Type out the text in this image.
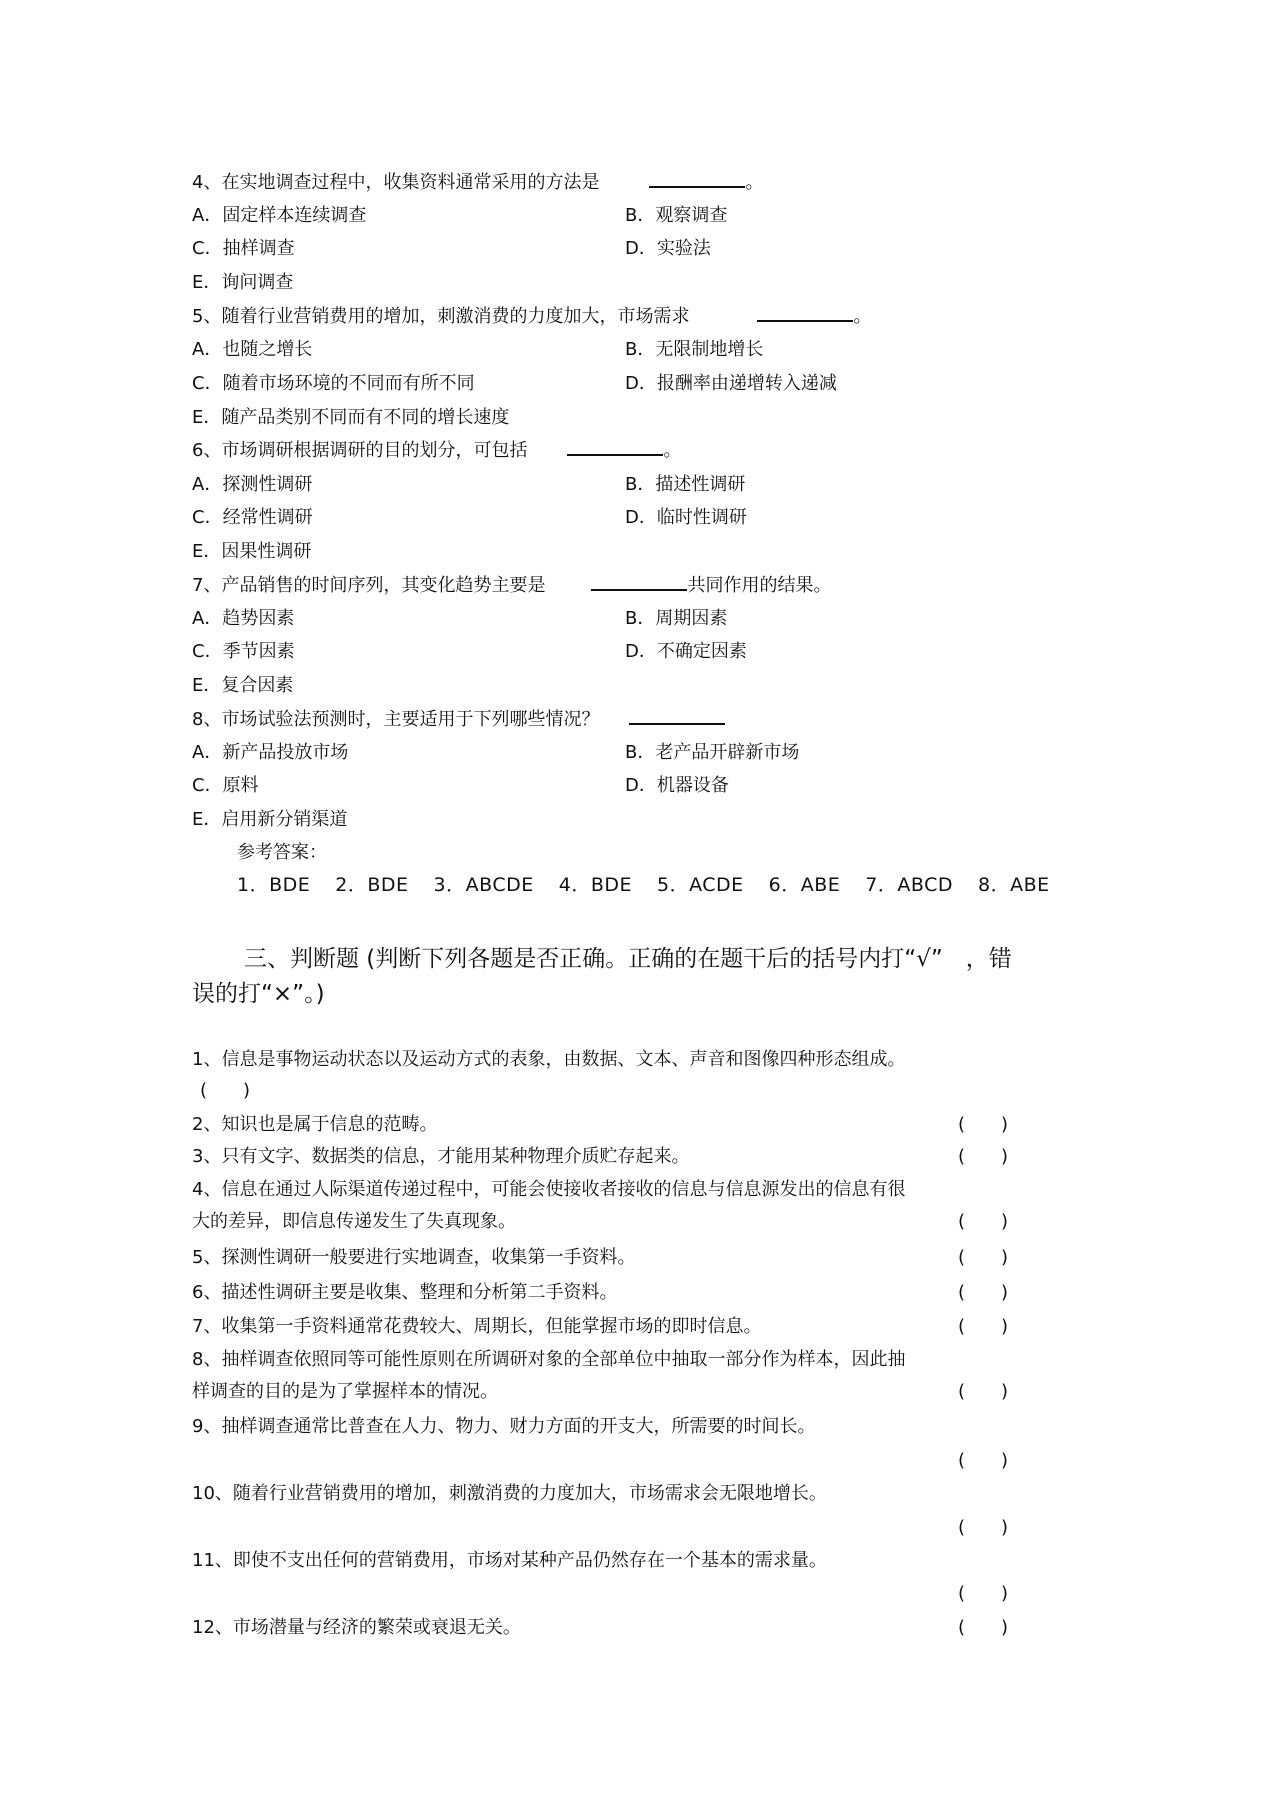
4、在实地调查过程中，收集资料通常采用的方法是	。
A．固定样本连续调查	B．观察调查
C．抽样调查	D．实验法
E．询问调查
5、随着行业营销费用的增加，刺激消费的力度加大，市场需求	。
A．也随之增长	B．无限制地增长
C．随着市场环境的不同而有所不同	D．报酬率由递增转入递减
E．随产品类别不同而有不同的增长速度
6、市场调研根据调研的目的划分，可包括	。
A．探测性调研	B．描述性调研
C．经常性调研	D．临时性调研
E．因果性调研
7、产品销售的时间序列，其变化趋势主要是	共同作用的结果。
A．趋势因素	B．周期因素
C．季节因素	D．不确定因素
E．复合因素
8、市场试验法预测时，主要适用于下列哪些情况？
A．新产品投放市场	B．老产品开辟新市场
C．原料	D．机器设备
E．启用新分销渠道
参考答案：
1．BDE 2．BDE 3．ABCDE 4．BDE 5．ACDE 6．ABE 7．ABCD 8．ABE
三、判断题 (判断下列各题是否正确。正确的在题干后的括号内打“√”　，错
误的打“×”。)
1、信息是事物运动状态以及运动方式的表象，由数据、文本、声音和图像四种形态组成。
(　　)
2、知识也是属于信息的范畴。	(　　)
3、只有文字、数据类的信息，才能用某种物理介质贮存起来。	(　　)
4、信息在通过人际渠道传递过程中，可能会使接收者接收的信息与信息源发出的信息有很
大的差异，即信息传递发生了失真现象。	(　　)
5、探测性调研一般要进行实地调查，收集第一手资料。	(　　)
6、描述性调研主要是收集、整理和分析第二手资料。	(　　)
7、收集第一手资料通常花费较大、周期长，但能掌握市场的即时信息。	(　　)
8、抽样调查依照同等可能性原则在所调研对象的全部单位中抽取一部分作为样本，因此抽
样调查的目的是为了掌握样本的情况。	(　　)
9、抽样调查通常比普查在人力、物力、财力方面的开支大，所需要的时间长。
(　　)
10、随着行业营销费用的增加，刺激消费的力度加大，市场需求会无限地增长。
(　　)
11、即使不支出任何的营销费用，市场对某种产品仍然存在一个基本的需求量。
(　　)
12、市场潜量与经济的繁荣或衰退无关。	(　　)
